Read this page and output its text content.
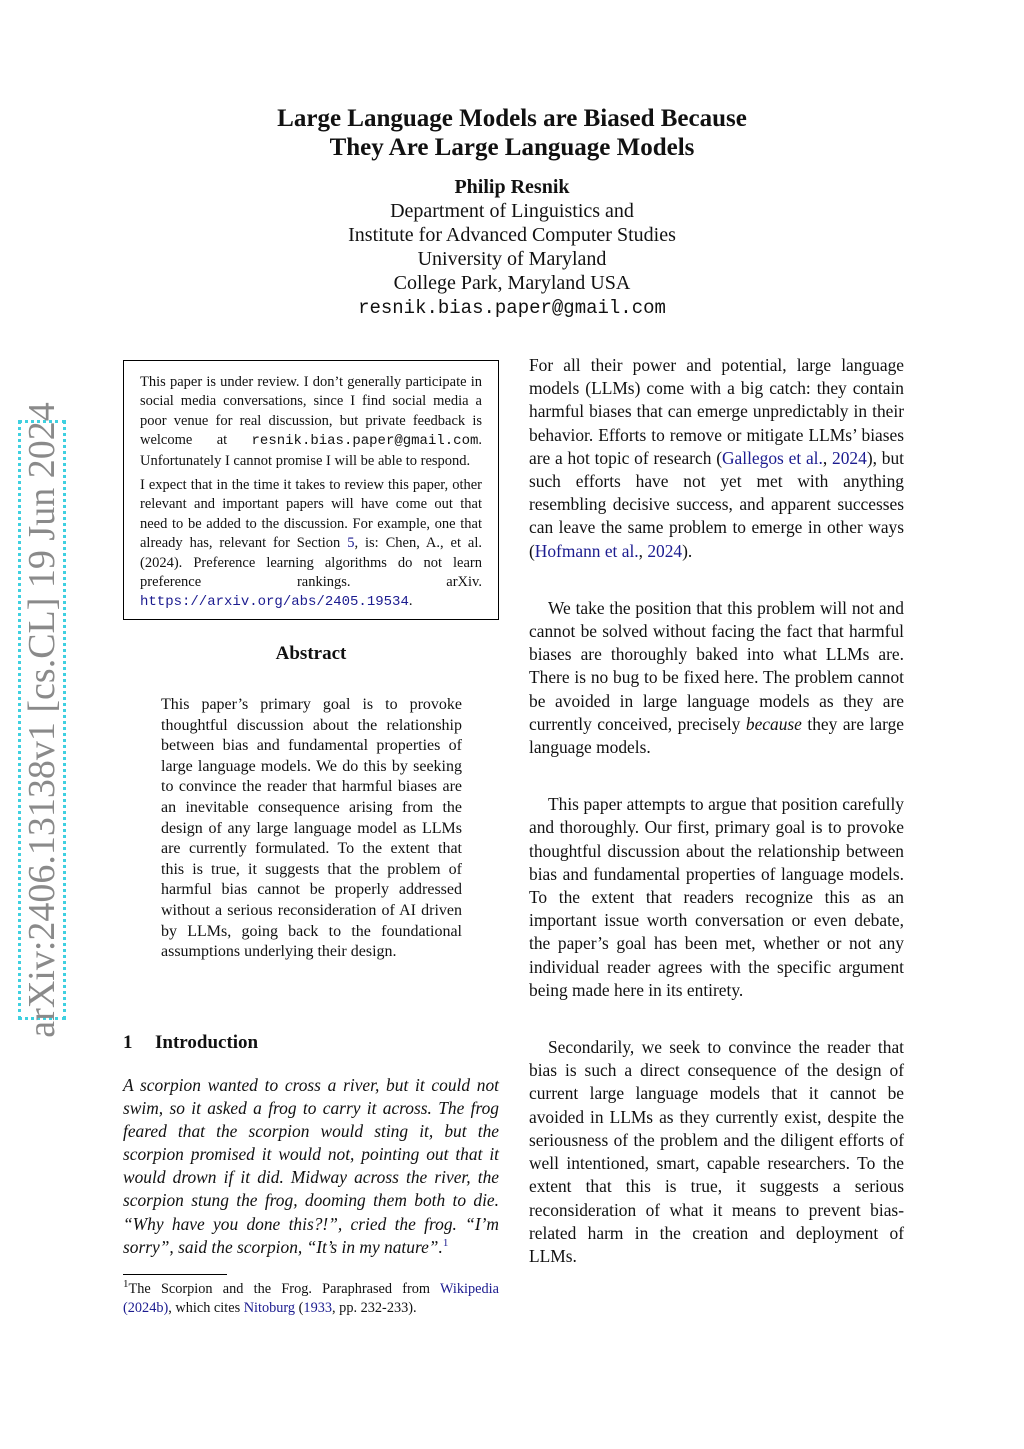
arXiv:2406.13138v1 [cs.CL] 19 Jun 2024
Large Language Models are Biased Because
They Are Large Language Models
Philip Resnik
Department of Linguistics and
Institute for Advanced Computer Studies
University of Maryland
College Park, Maryland USA
resnik.bias.paper@gmail.com

This paper is under review. I don’t generally participate in social media conversations, since I find social media a poor venue for real discussion, but private feedback is welcome at resnik.bias.paper@gmail.com. Unfortunately I cannot promise I will be able to respond.

I expect that in the time it takes to review this paper, other relevant and important papers will have come out that need to be added to the discussion. For example, one that already has, relevant for Section 5, is: Chen, A., et al. (2024). Preference learning algorithms do not learn preference rankings. arXiv. https://arxiv.org/abs/2405.19534.

Abstract

This paper’s primary goal is to provoke thoughtful discussion about the relationship between bias and fundamental properties of large language models. We do this by seeking to convince the reader that harmful biases are an inevitable consequence arising from the design of any large language model as LLMs are currently formulated. To the extent that this is true, it suggests that the problem of harmful bias cannot be properly addressed without a serious reconsideration of AI driven by LLMs, going back to the foundational assumptions underlying their design.

1 Introduction

A scorpion wanted to cross a river, but it could not swim, so it asked a frog to carry it across. The frog feared that the scorpion would sting it, but the scorpion promised it would not, pointing out that it would drown if it did. Midway across the river, the scorpion stung the frog, dooming them both to die. “Why have you done this?!”, cried the frog. “I’m sorry”, said the scorpion, “It’s in my nature”.$^1$

$^1$The Scorpion and the Frog. Paraphrased from Wikipedia (2024b), which cites Nitoburg (1933, pp. 232-233).

For all their power and potential, large language models (LLMs) come with a big catch: they contain harmful biases that can emerge unpredictably in their behavior. Efforts to remove or mitigate LLMs’ biases are a hot topic of research (Gallegos et al., 2024), but such efforts have not yet met with anything resembling decisive success, and apparent successes can leave the same problem to emerge in other ways (Hofmann et al., 2024).

We take the position that this problem will not and cannot be solved without facing the fact that harmful biases are thoroughly baked into what LLMs are. There is no bug to be fixed here. The problem cannot be avoided in large language models as they are currently conceived, precisely because they are large language models.

This paper attempts to argue that position carefully and thoroughly. Our first, primary goal is to provoke thoughtful discussion about the relationship between bias and fundamental properties of language models. To the extent that readers recognize this as an important issue worth conversation or even debate, the paper’s goal has been met, whether or not any individual reader agrees with the specific argument being made here in its entirety.

Secondarily, we seek to convince the reader that bias is such a direct consequence of the design of current large language models that it cannot be avoided in LLMs as they currently exist, despite the seriousness of the problem and the diligent efforts of well intentioned, smart, capable researchers. To the extent that this is true, it suggests a serious reconsideration of what it means to prevent bias-related harm in the creation and deployment of LLMs.
